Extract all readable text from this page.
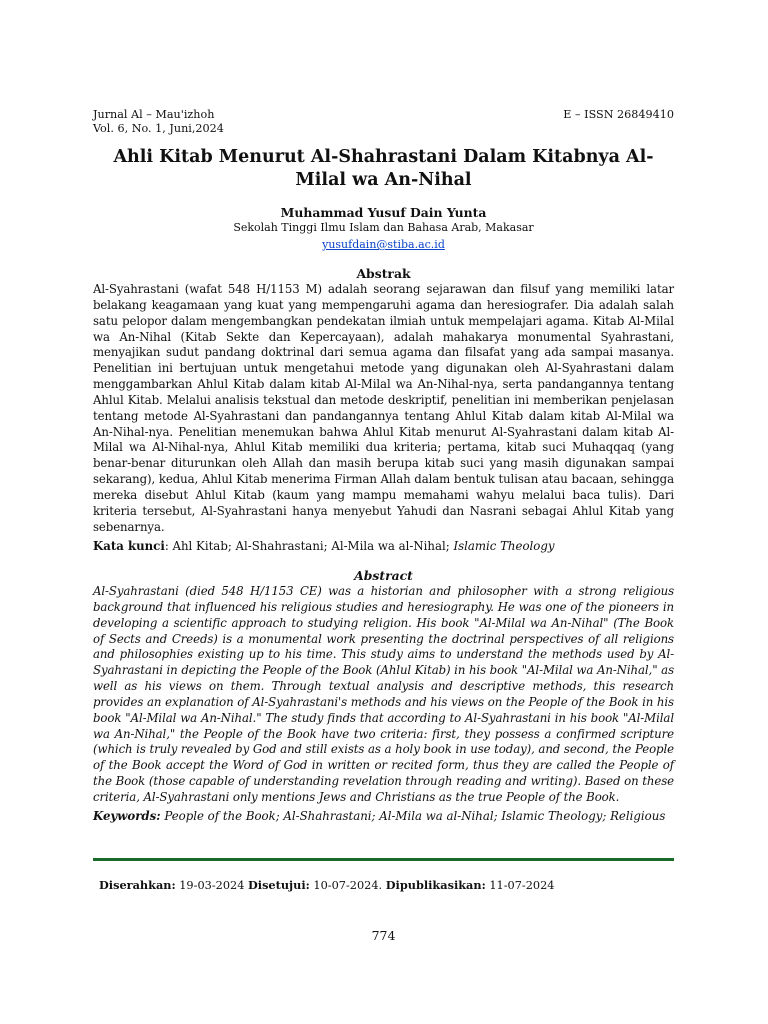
Jurnal Al – Mau'izhoh
Vol. 6, No. 1, Juni,2024
E – ISSN 26849410
Ahli Kitab Menurut Al-Shahrastani Dalam Kitabnya Al-Milal wa An-Nihal
Muhammad Yusuf Dain Yunta
Sekolah Tinggi Ilmu Islam dan Bahasa Arab, Makasar
yusufdain@stiba.ac.id
Abstrak

Al-Syahrastani (wafat 548 H/1153 M) adalah seorang sejarawan dan filsuf yang memiliki latar belakang keagamaan yang kuat yang mempengaruhi agama dan heresiografer. Dia adalah salah satu pelopor dalam mengembangkan pendekatan ilmiah untuk mempelajari agama. Kitab Al-Milal wa An-Nihal (Kitab Sekte dan Kepercayaan), adalah mahakarya monumental Syahrastani, menyajikan sudut pandang doktrinal dari semua agama dan filsafat yang ada sampai masanya. Penelitian ini bertujuan untuk mengetahui metode yang digunakan oleh Al-Syahrastani dalam menggambarkan Ahlul Kitab dalam kitab Al-Milal wa An-Nihal-nya, serta pandangannya tentang Ahlul Kitab. Melalui analisis tekstual dan metode deskriptif, penelitian ini memberikan penjelasan tentang metode Al-Syahrastani dan pandangannya tentang Ahlul Kitab dalam kitab Al-Milal wa An-Nihal-nya. Penelitian menemukan bahwa Ahlul Kitab menurut Al-Syahrastani dalam kitab Al-Milal wa Al-Nihal-nya, Ahlul Kitab memiliki dua kriteria; pertama, kitab suci Muhaqqaq (yang benar-benar diturunkan oleh Allah dan masih berupa kitab suci yang masih digunakan sampai sekarang), kedua, Ahlul Kitab menerima Firman Allah dalam bentuk tulisan atau bacaan, sehingga mereka disebut Ahlul Kitab (kaum yang mampu memahami wahyu melalui baca tulis). Dari kriteria tersebut, Al-Syahrastani hanya menyebut Yahudi dan Nasrani sebagai Ahlul Kitab yang sebenarnya.

Kata kunci: Ahl Kitab; Al-Shahrastani; Al-Mila wa al-Nihal; Islamic Theology

Abstract

Al-Syahrastani (died 548 H/1153 CE) was a historian and philosopher with a strong religious background that influenced his religious studies and heresiography. He was one of the pioneers in developing a scientific approach to studying religion. His book "Al-Milal wa An-Nihal" (The Book of Sects and Creeds) is a monumental work presenting the doctrinal perspectives of all religions and philosophies existing up to his time. This study aims to understand the methods used by Al-Syahrastani in depicting the People of the Book (Ahlul Kitab) in his book "Al-Milal wa An-Nihal," as well as his views on them. Through textual analysis and descriptive methods, this research provides an explanation of Al-Syahrastani's methods and his views on the People of the Book in his book "Al-Milal wa An-Nihal." The study finds that according to Al-Syahrastani in his book "Al-Milal wa An-Nihal," the People of the Book have two criteria: first, they possess a confirmed scripture (which is truly revealed by God and still exists as a holy book in use today), and second, the People of the Book accept the Word of God in written or recited form, thus they are called the People of the Book (those capable of understanding revelation through reading and writing). Based on these criteria, Al-Syahrastani only mentions Jews and Christians as the true People of the Book.

Keywords: People of the Book; Al-Shahrastani; Al-Mila wa al-Nihal; Islamic Theology; Religious

Diserahkan: 19-03-2024 Disetujui: 10-07-2024. Dipublikasikan: 11-07-2024
774
